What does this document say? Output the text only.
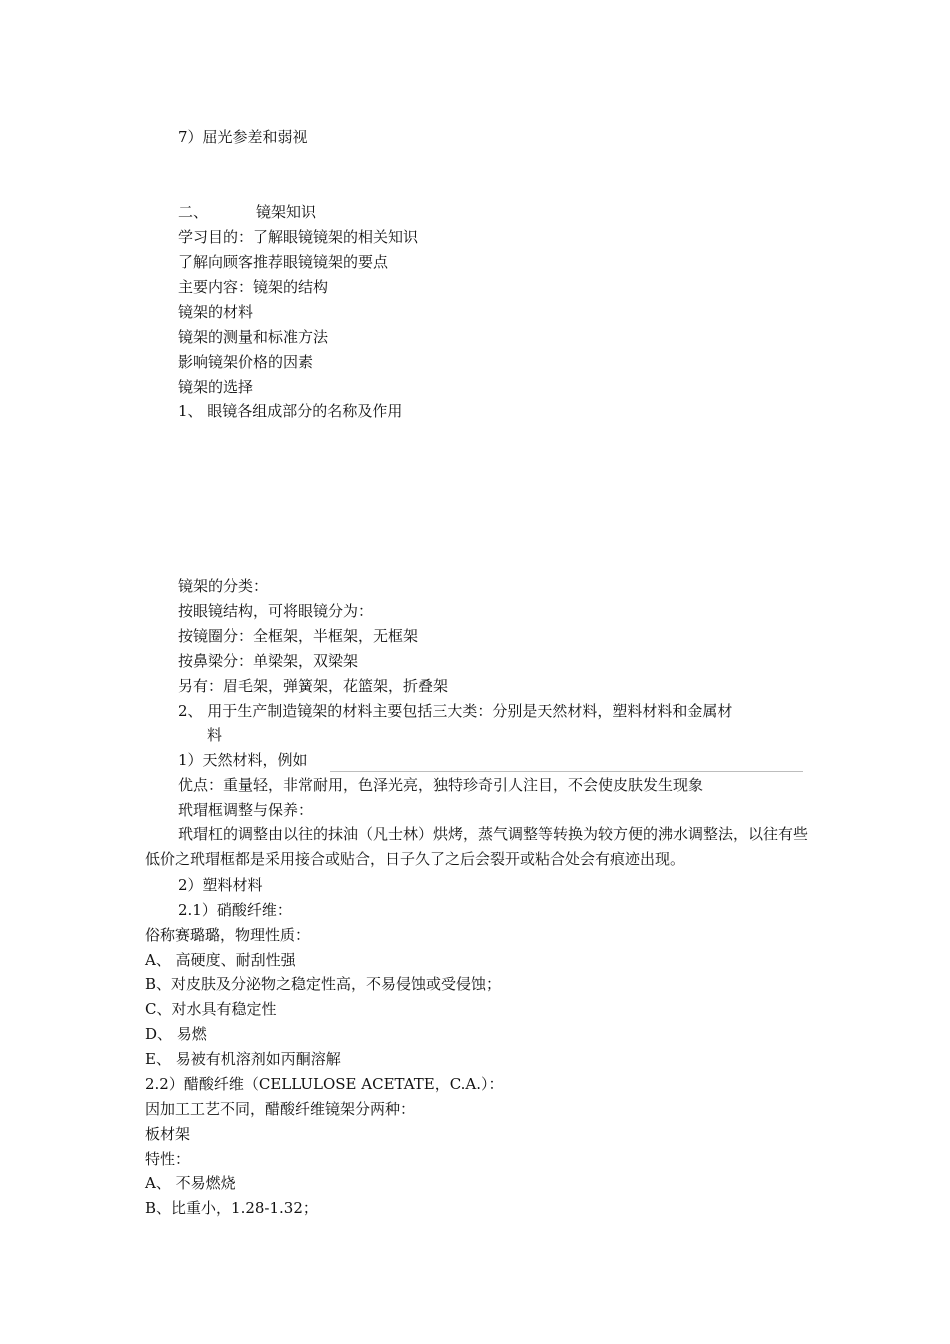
7）屈光参差和弱视
二、	镜架知识
学习目的：了解眼镜镜架的相关知识
了解向顾客推荐眼镜镜架的要点
主要内容：镜架的结构
镜架的材料
镜架的测量和标准方法
影响镜架价格的因素
镜架的选择
1、 眼镜各组成部分的名称及作用
镜架的分类：
按眼镜结构，可将眼镜分为：
按镜圈分：全框架，半框架，无框架
按鼻梁分：单梁架，双梁架
另有：眉毛架，弹簧架，花篮架，折叠架
2、 用于生产制造镜架的材料主要包括三大类：分别是天然材料，塑料材料和金属材
料
1）天然材料，例如
优点：重量轻，非常耐用，色泽光亮，独特珍奇引人注目，不会使皮肤发生现象
玳瑁框调整与保养：
玳瑁杠的调整由以往的抹油（凡士林）烘烤，蒸气调整等转换为较方便的沸水调整法，以往有些低价之玳瑁框都是采用接合或贴合，日子久了之后会裂开或粘合处会有痕迹出现。
2）塑料材料
2.1）硝酸纤维：
俗称赛璐璐，物理性质：
A、 高硬度、耐刮性强
B、对皮肤及分泌物之稳定性高，不易侵蚀或受侵蚀；
C、对水具有稳定性
D、 易燃
E、 易被有机溶剂如丙酮溶解
2.2）醋酸纤维（CELLULOSE ACETATE，C.A.）：
因加工工艺不同，醋酸纤维镜架分两种：
板材架
特性：
A、 不易燃烧
B、比重小，1.28-1.32；
